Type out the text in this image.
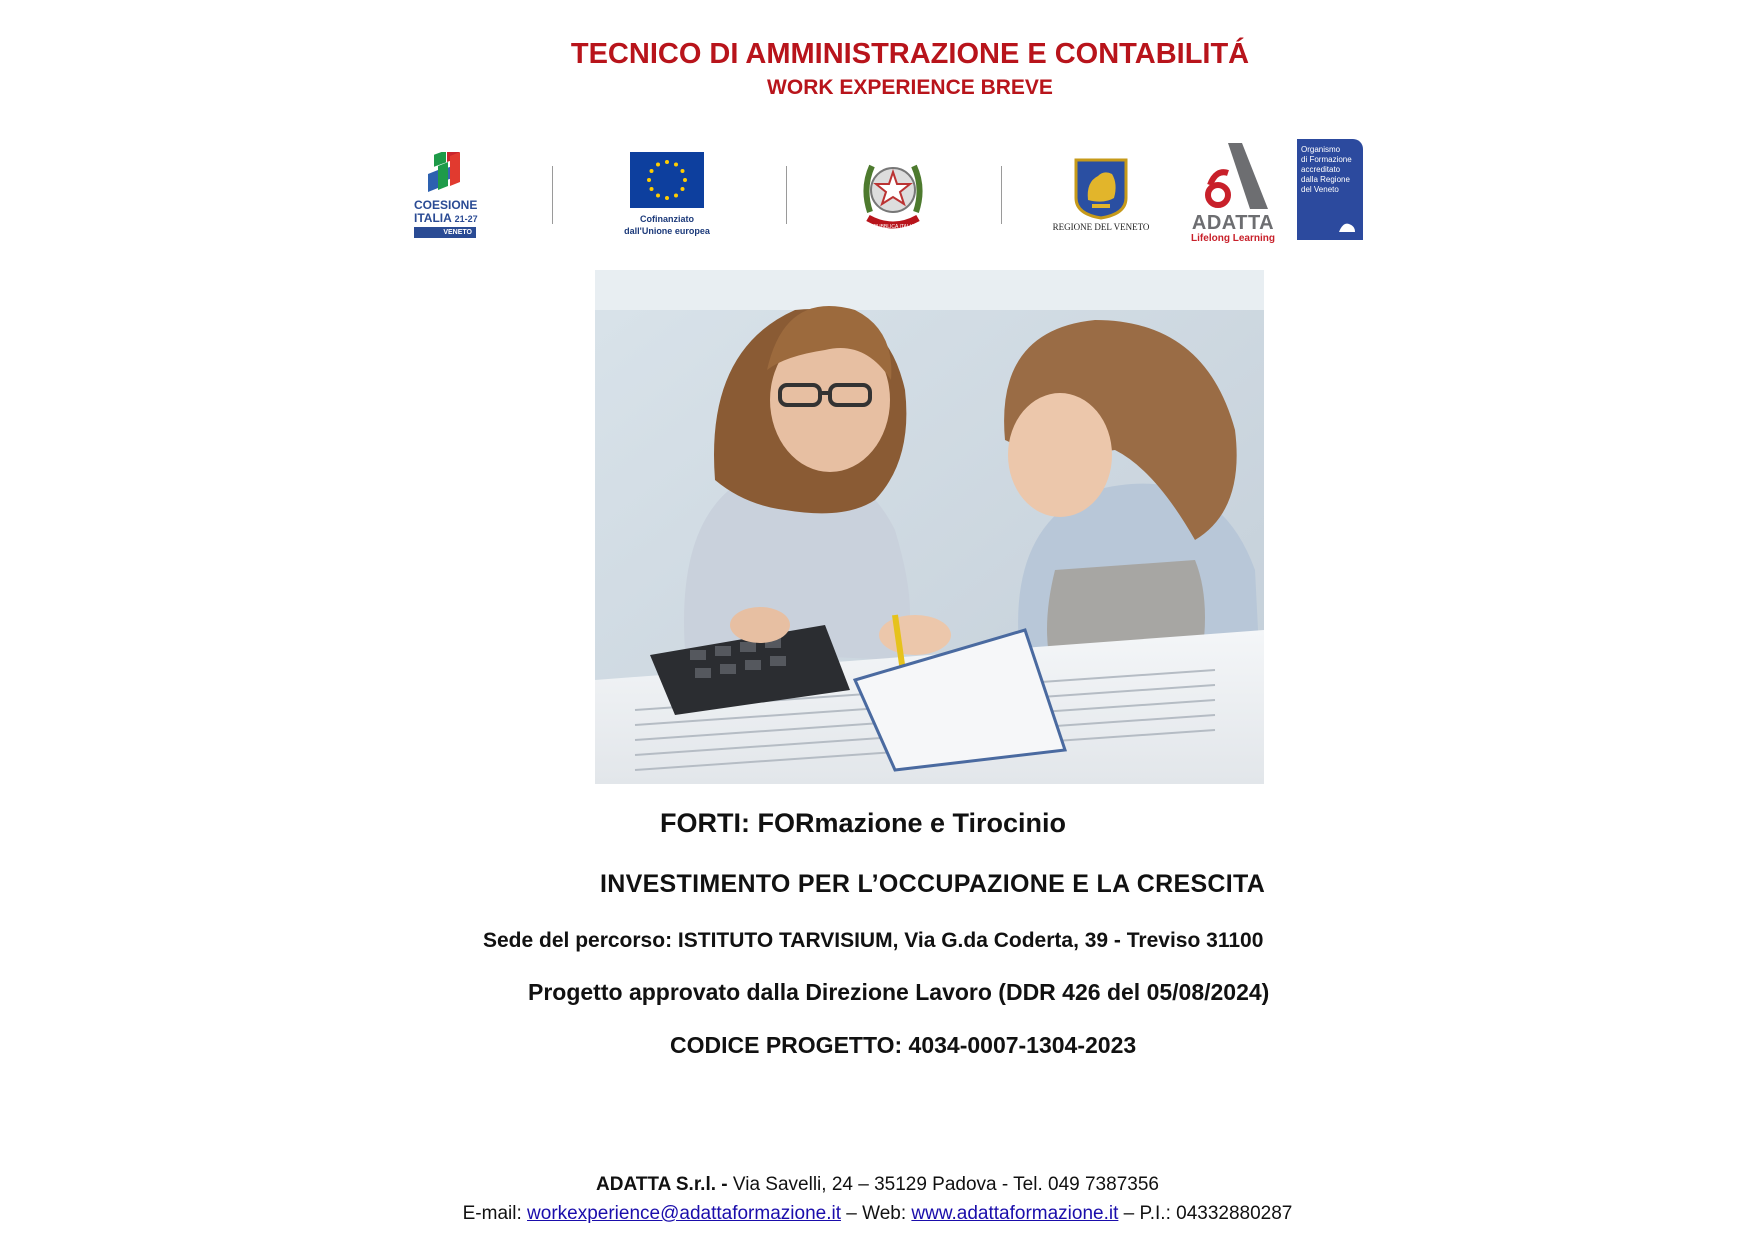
TECNICO DI AMMINISTRAZIONE E CONTABILITÁ
WORK EXPERIENCE BREVE
COESIONE
ITALIA 21-27
VENETO
Cofinanziato
dall'Unione europea	REPUBBLICA ITALIANA	REGIONE DEL VENETO	ADATTA
Lifelong Learning
Organismo
di Formazione
accreditato
dalla Regione
del Veneto
FORTI: FORmazione e Tirocinio
INVESTIMENTO PER L’OCCUPAZIONE E LA CRESCITA
Sede del percorso: ISTITUTO TARVISIUM, Via G.da Coderta, 39 - Treviso 31100
Progetto approvato dalla Direzione Lavoro (DDR 426 del 05/08/2024)
CODICE PROGETTO: 4034-0007-1304-2023
ADATTA S.r.l. - Via Savelli, 24 – 35129 Padova - Tel. 049 7387356
E-mail: workexperience@adattaformazione.it – Web: www.adattaformazione.it – P.I.: 04332880287
